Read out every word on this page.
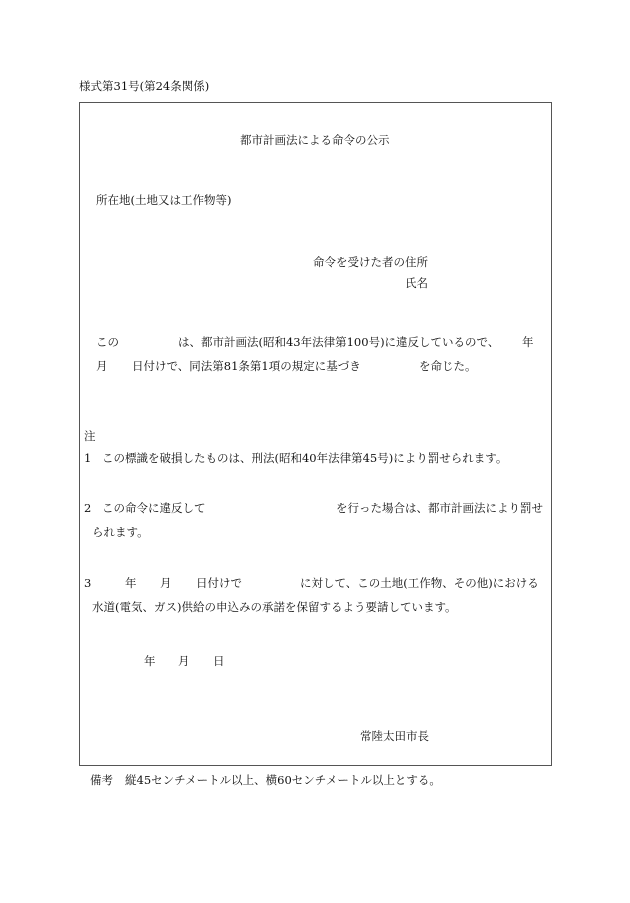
様式第31号(第24条関係)
都市計画法による命令の公示
所在地(土地又は工作物等)
命令を受けた者の住所
氏名
この	は、都市計画法(昭和43年法律第100号)に違反しているので、 年
月 日付けで、同法第81条第1項の規定に基づき	を命じた。
注
1 この標識を破損したものは、刑法(昭和40年法律第45号)により罰せられます。
2 この命令に違反して	を行った場合は、都市計画法により罰せ
られます。
3	年 月 日付けで	に対して、この土地(工作物、その他)における
水道(電気、ガス)供給の申込みの承諾を保留するよう要請しています。
年 月 日
常陸太田市長
備考 縦45センチメートル以上、横60センチメートル以上とする。
